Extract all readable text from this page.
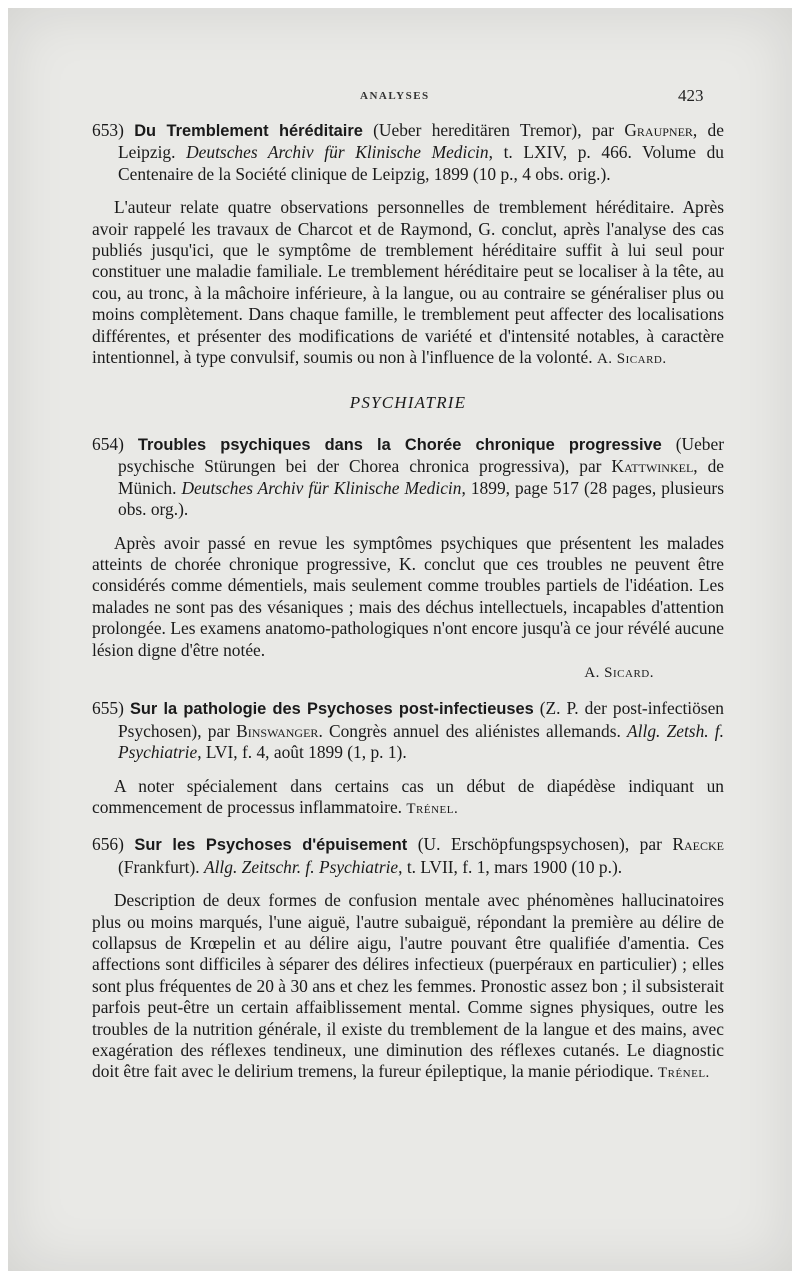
ANALYSES	423
653) Du Tremblement héréditaire (Ueber hereditären Tremor), par Graupner, de Leipzig. Deutsches Archiv für Klinische Medicin, t. LXIV, p. 466. Volume du Centenaire de la Société clinique de Leipzig, 1899 (10 p., 4 obs. orig.).
L'auteur relate quatre observations personnelles de tremblement héréditaire. Après avoir rappelé les travaux de Charcot et de Raymond, G. conclut, après l'analyse des cas publiés jusqu'ici, que le symptôme de tremblement héréditaire suffit à lui seul pour constituer une maladie familiale. Le tremblement héréditaire peut se localiser à la tête, au cou, au tronc, à la mâchoire inférieure, à la langue, ou au contraire se généraliser plus ou moins complètement. Dans chaque famille, le tremblement peut affecter des localisations différentes, et présenter des modifications de variété et d'intensité notables, à caractère intentionnel, à type convulsif, soumis ou non à l'influence de la volonté. A. Sicard.
PSYCHIATRIE
654) Troubles psychiques dans la Chorée chronique progressive (Ueber psychische Stürungen bei der Chorea chronica progressiva), par Kattwinkel, de Münich. Deutsches Archiv für Klinische Medicin, 1899, page 517 (28 pages, plusieurs obs. org.).
Après avoir passé en revue les symptômes psychiques que présentent les malades atteints de chorée chronique progressive, K. conclut que ces troubles ne peuvent être considérés comme démentiels, mais seulement comme troubles partiels de l'idéation. Les malades ne sont pas des vésaniques ; mais des déchus intellectuels, incapables d'attention prolongée. Les examens anatomo-pathologiques n'ont encore jusqu'à ce jour révélé aucune lésion digne d'être notée.
A. Sicard.
655) Sur la pathologie des Psychoses post-infectieuses (Z. P. der post-infectiösen Psychosen), par Binswanger. Congrès annuel des aliénistes allemands. Allg. Zetsh. f. Psychiatrie, LVI, f. 4, août 1899 (1, p. 1).
A noter spécialement dans certains cas un début de diapédèse indiquant un commencement de processus inflammatoire. Trénel.
656) Sur les Psychoses d'épuisement (U. Erschöpfungspsychosen), par Raecke (Frankfurt). Allg. Zeitschr. f. Psychiatrie, t. LVII, f. 1, mars 1900 (10 p.).
Description de deux formes de confusion mentale avec phénomènes hallucinatoires plus ou moins marqués, l'une aiguë, l'autre subaiguë, répondant la première au délire de collapsus de Krœpelin et au délire aigu, l'autre pouvant être qualifiée d'amentia. Ces affections sont difficiles à séparer des délires infectieux (puerpéraux en particulier) ; elles sont plus fréquentes de 20 à 30 ans et chez les femmes. Pronostic assez bon ; il subsisterait parfois peut-être un certain affaiblissement mental. Comme signes physiques, outre les troubles de la nutrition générale, il existe du tremblement de la langue et des mains, avec exagération des réflexes tendineux, une diminution des réflexes cutanés. Le diagnostic doit être fait avec le delirium tremens, la fureur épileptique, la manie périodique. Trénel.
